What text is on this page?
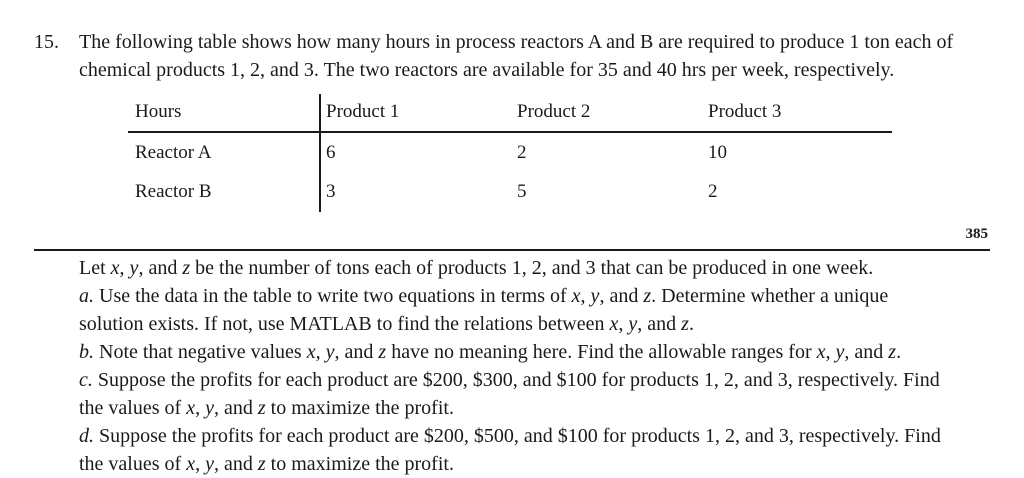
15. The following table shows how many hours in process reactors A and B are required to produce 1 ton each of
chemical products 1, 2, and 3. The two reactors are available for 35 and 40 hrs per week, respectively.
Hours	Product 1	Product 2	Product 3
Reactor A	6	2	10
Reactor B	3	5	2
385
Let x, y, and z be the number of tons each of products 1, 2, and 3 that can be produced in one week.
a. Use the data in the table to write two equations in terms of x, y, and z. Determine whether a unique
solution exists. If not, use MATLAB to find the relations between x, y, and z.
b. Note that negative values x, y, and z have no meaning here. Find the allowable ranges for x, y, and z.
c. Suppose the profits for each product are $200, $300, and $100 for products 1, 2, and 3, respectively. Find
the values of x, y, and z to maximize the profit.
d. Suppose the profits for each product are $200, $500, and $100 for products 1, 2, and 3, respectively. Find
the values of x, y, and z to maximize the profit.
